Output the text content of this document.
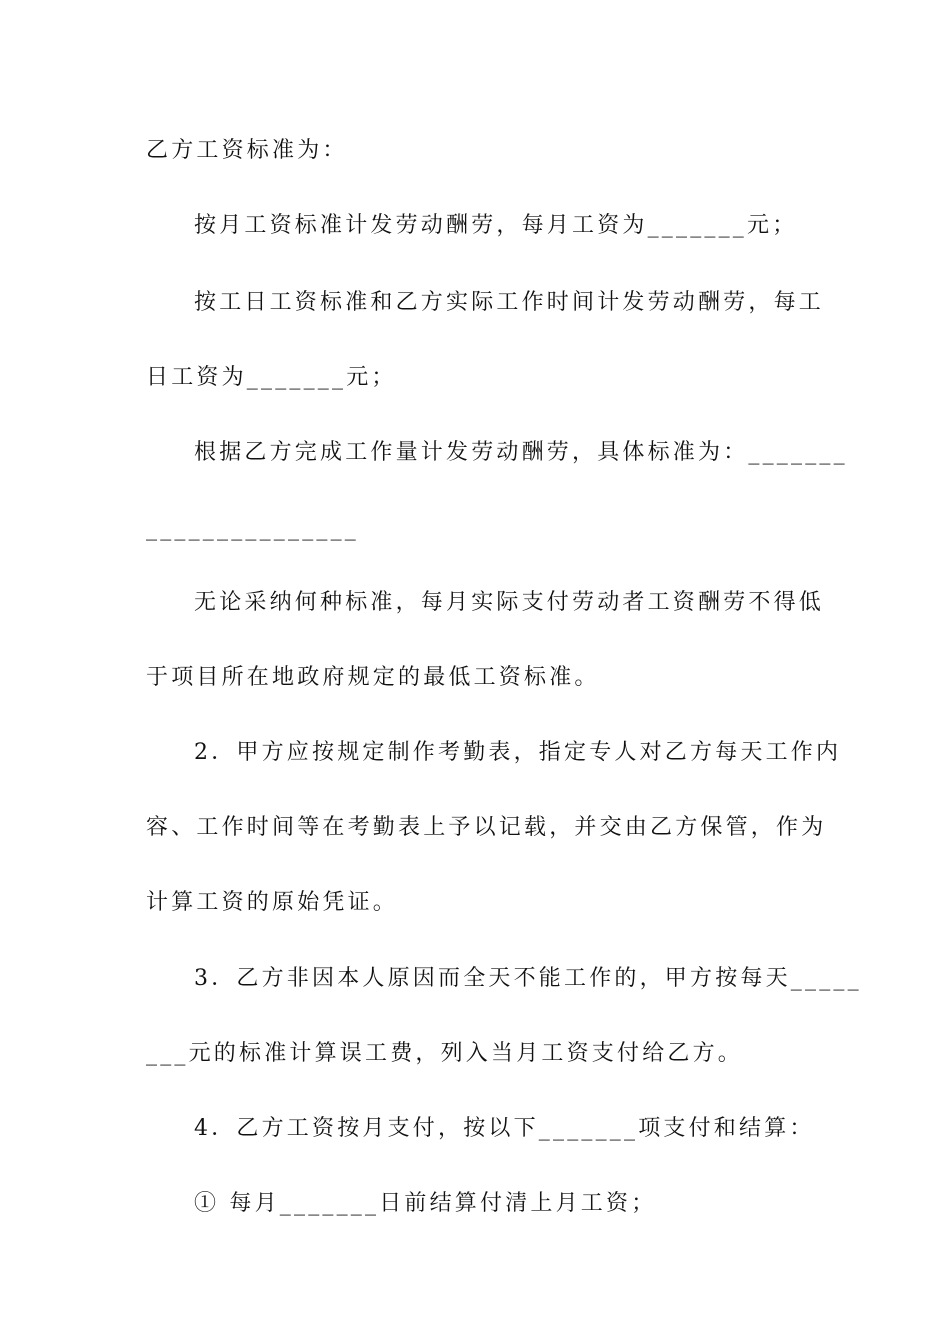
乙方工资标准为：

按月工资标准计发劳动酬劳，每月工资为_______元；

按工日工资标准和乙方实际工作时间计发劳动酬劳，每工

日工资为_______元；

根据乙方完成工作量计发劳动酬劳，具体标准为：_______

_______________

无论采纳何种标准，每月实际支付劳动者工资酬劳不得低

于项目所在地政府规定的最低工资标准。

2．甲方应按规定制作考勤表，指定专人对乙方每天工作内

容、工作时间等在考勤表上予以记载，并交由乙方保管，作为

计算工资的原始凭证。

3．乙方非因本人原因而全天不能工作的，甲方按每天_____

___元的标准计算误工费，列入当月工资支付给乙方。

4．乙方工资按月支付，按以下_______项支付和结算：

① 每月_______日前结算付清上月工资；
